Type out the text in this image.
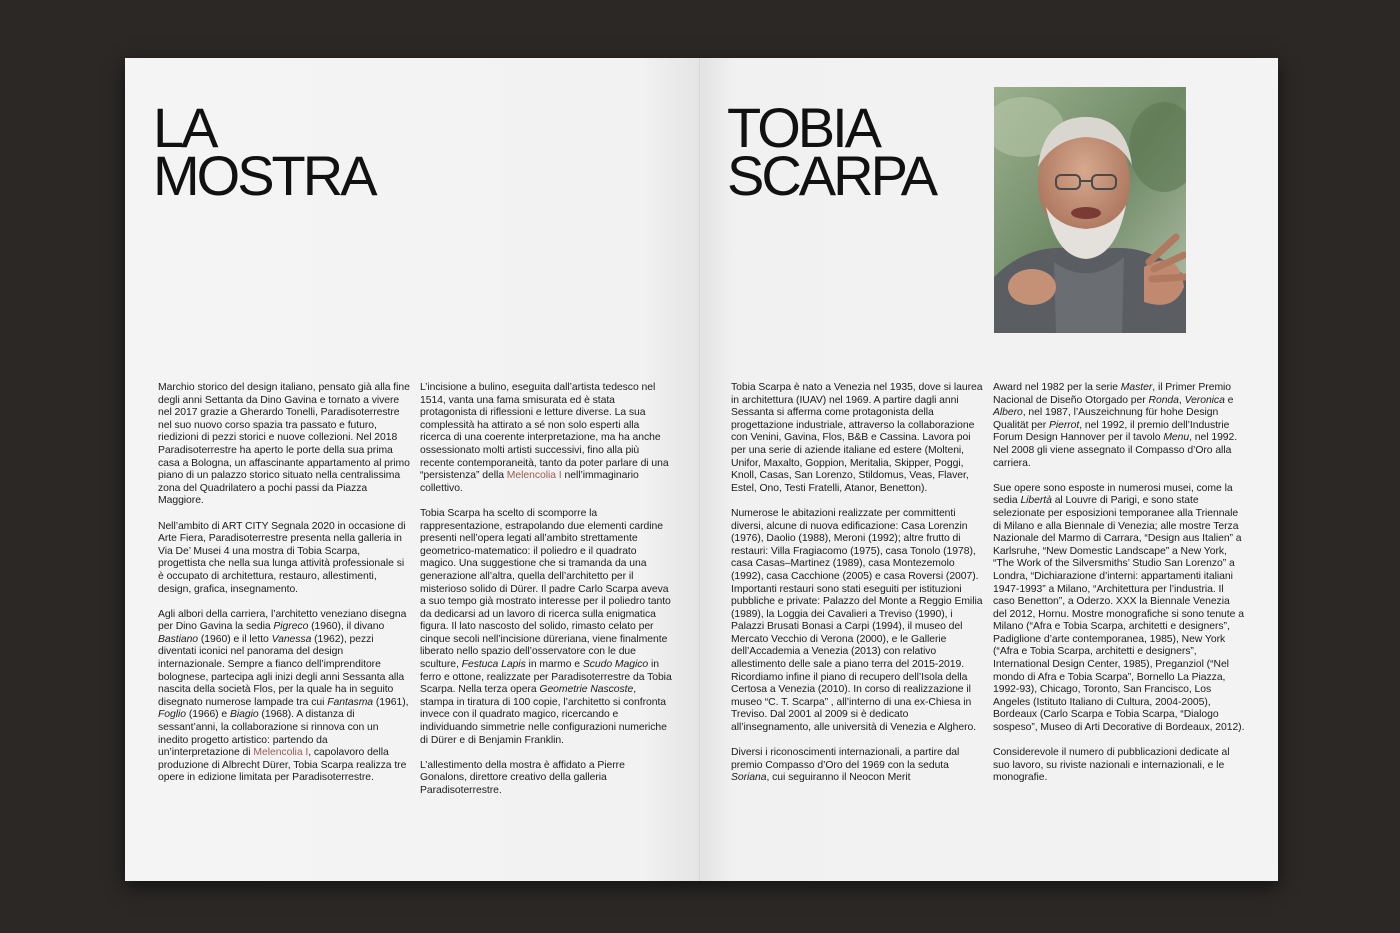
LA
MOSTRA

Marchio storico del design italiano, pensato già alla fine degli anni Settanta da Dino Gavina e tornato a vivere nel 2017 grazie a Gherardo Tonelli, Paradisoterrestre nel suo nuovo corso spazia tra passato e futuro, riedizioni di pezzi storici e nuove collezioni. Nel 2018 Paradisoterrestre ha aperto le porte della sua prima casa a Bologna, un affascinante appartamento al primo piano di un palazzo storico situato nella centralissima zona del Quadrilatero a pochi passi da Piazza Maggiore.

Nell’ambito di ART CITY Segnala 2020 in occasione di Arte Fiera, Paradisoterrestre presenta nella galleria in Via De’ Musei 4 una mostra di Tobia Scarpa, progettista che nella sua lunga attività professionale si è occupato di architettura, restauro, allestimenti, design, grafica, insegnamento.

Agli albori della carriera, l’architetto veneziano disegna per Dino Gavina la sedia Pigreco (1960), il divano Bastiano (1960) e il letto Vanessa (1962), pezzi diventati iconici nel panorama del design internazionale. Sempre a fianco dell’imprenditore bolognese, partecipa agli inizi degli anni Sessanta alla nascita della società Flos, per la quale ha in seguito disegnato numerose lampade tra cui Fantasma (1961), Foglio (1966) e Biagio (1968). A distanza di sessant’anni, la collaborazione si rinnova con un inedito progetto artistico: partendo da un’interpretazione di Melencolia I, capolavoro della produzione di Albrecht Dürer, Tobia Scarpa realizza tre opere in edizione limitata per Paradisoterrestre.

L’incisione a bulino, eseguita dall’artista tedesco nel 1514, vanta una fama smisurata ed è stata protagonista di riflessioni e letture diverse. La sua complessità ha attirato a sé non solo esperti alla ricerca di una coerente interpretazione, ma ha anche ossessionato molti artisti successivi, fino alla più recente contemporaneità, tanto da poter parlare di una “persistenza” della Melencolia I nell’immaginario collettivo.

Tobia Scarpa ha scelto di scomporre la rappresentazione, estrapolando due elementi cardine presenti nell’opera legati all’ambito strettamente geometrico-matematico: il poliedro e il quadrato magico. Una suggestione che si tramanda da una generazione all’altra, quella dell’architetto per il misterioso solido di Dürer. Il padre Carlo Scarpa aveva a suo tempo già mostrato interesse per il poliedro tanto da dedicarsi ad un lavoro di ricerca sulla enigmatica figura. Il lato nascosto del solido, rimasto celato per cinque secoli nell’incisione düreriana, viene finalmente liberato nello spazio dell’osservatore con le due sculture, Festuca Lapis in marmo e Scudo Magico in ferro e ottone, realizzate per Paradisoterrestre da Tobia Scarpa. Nella terza opera Geometrie Nascoste, stampa in tiratura di 100 copie, l’architetto si confronta invece con il quadrato magico, ricercando e individuando simmetrie nelle configurazioni numeriche di Dürer e di Benjamin Franklin.

L’allestimento della mostra è affidato a Pierre Gonalons, direttore creativo della galleria Paradisoterrestre.

TOBIA
SCARPA

Tobia Scarpa è nato a Venezia nel 1935, dove si laurea in architettura (IUAV) nel 1969. A partire dagli anni Sessanta si afferma come protagonista della progettazione industriale, attraverso la collaborazione con Venini, Gavina, Flos, B&B e Cassina. Lavora poi per una serie di aziende italiane ed estere (Molteni, Unifor, Maxalto, Goppion, Meritalia, Skipper, Poggi, Knoll, Casas, San Lorenzo, Stildomus, Veas, Flaver, Estel, Ono, Testi Fratelli, Atanor, Benetton).

Numerose le abitazioni realizzate per committenti diversi, alcune di nuova edificazione: Casa Lorenzin (1976), Daolio (1988), Meroni (1992); altre frutto di restauri: Villa Fragiacomo (1975), casa Tonolo (1978), casa Casas–Martinez (1989), casa Montezemolo (1992), casa Cacchione (2005) e casa Roversi (2007). Importanti restauri sono stati eseguiti per istituzioni pubbliche e private: Palazzo del Monte a Reggio Emilia (1989), la Loggia dei Cavalieri a Treviso (1990), i Palazzi Brusati Bonasi a Carpi (1994), il museo del Mercato Vecchio di Verona (2000), e le Gallerie dell’Accademia a Venezia (2013) con relativo allestimento delle sale a piano terra del 2015-2019. Ricordiamo infine il piano di recupero dell’Isola della Certosa a Venezia (2010). In corso di realizzazione il museo “C. T. Scarpa” , all’interno di una ex-Chiesa in Treviso. Dal 2001 al 2009 si è dedicato all’insegnamento, alle università di Venezia e Alghero.

Diversi i riconoscimenti internazionali, a partire dal premio Compasso d’Oro del 1969 con la seduta Soriana, cui seguiranno il Neocon Merit

Award nel 1982 per la serie Master, il Primer Premio Nacional de Diseño Otorgado per Ronda, Veronica e Albero, nel 1987, l’Auszeichnung für hohe Design Qualität per Pierrot, nel 1992, il premio dell’Industrie Forum Design Hannover per il tavolo Menu, nel 1992. Nel 2008 gli viene assegnato il Compasso d’Oro alla carriera.

Sue opere sono esposte in numerosi musei, come la sedia Libertà al Louvre di Parigi, e sono state selezionate per esposizioni temporanee alla Triennale di Milano e alla Biennale di Venezia; alle mostre Terza Nazionale del Marmo di Carrara, “Design aus Italien” a Karlsruhe, “New Domestic Landscape” a New York, “The Work of the Silversmiths’ Studio San Lorenzo” a Londra, “Dichiarazione d’interni: appartamenti italiani 1947-1993” a Milano, “Architettura per l’industria. Il caso Benetton”, a Oderzo. XXX la Biennale Venezia del 2012, Hornu. Mostre monografiche si sono tenute a Milano (“Afra e Tobia Scarpa, architetti e designers”, Padiglione d’arte contemporanea, 1985), New York (“Afra e Tobia Scarpa, architetti e designers”, International Design Center, 1985), Preganziol (“Nel mondo di Afra e Tobia Scarpa”, Bornello La Piazza, 1992-93), Chicago, Toronto, San Francisco, Los Angeles (Istituto Italiano di Cultura, 2004-2005), Bordeaux (Carlo Scarpa e Tobia Scarpa, “Dialogo sospeso”, Museo di Arti Decorative di Bordeaux, 2012).

Considerevole il numero di pubblicazioni dedicate al suo lavoro, su riviste nazionali e internazionali, e le monografie.
